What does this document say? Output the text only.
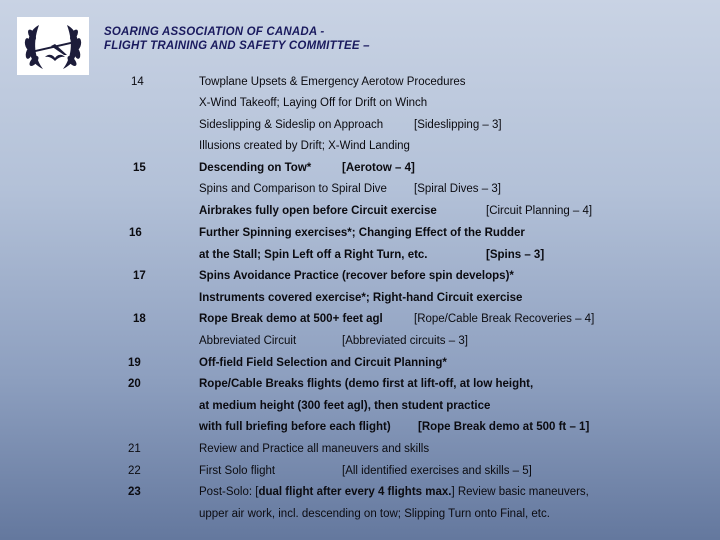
SOARING ASSOCIATION OF CANADA -
FLIGHT TRAINING AND SAFETY COMMITTEE –
14	Towplane Upsets & Emergency Aerotow Procedures
X-Wind Takeoff; Laying Off for Drift on Winch
Sideslipping & Sideslip on Approach	[Sideslipping – 3]
Illusions created by Drift; X-Wind Landing
15	Descending on Tow*	[Aerotow – 4]
Spins and Comparison to Spiral Dive [Spiral Dives – 3]
Airbrakes fully open before Circuit exercise	[Circuit Planning – 4]
16	Further Spinning exercises*; Changing Effect of the Rudder
at the Stall; Spin Left off a Right Turn, etc.	[Spins – 3]
17	Spins Avoidance Practice (recover before spin develops)*
Instruments covered exercise*; Right-hand Circuit exercise
18	Rope Break demo at 500+ feet agl	[Rope/Cable Break Recoveries – 4]
Abbreviated Circuit	[Abbreviated circuits – 3]
19	Off-field Field Selection and Circuit Planning*
20	Rope/Cable Breaks flights (demo first at lift-off, at low height,
at medium height (300 feet agl), then student practice
with full briefing before each flight) [Rope Break demo at 500 ft – 1]
21	Review and Practice all maneuvers and skills
22	First Solo flight	[All identified exercises and skills – 5]
23	Post-Solo: [dual flight after every 4 flights max.] Review basic maneuvers,
upper air work, incl. descending on tow; Slipping Turn onto Final, etc.
